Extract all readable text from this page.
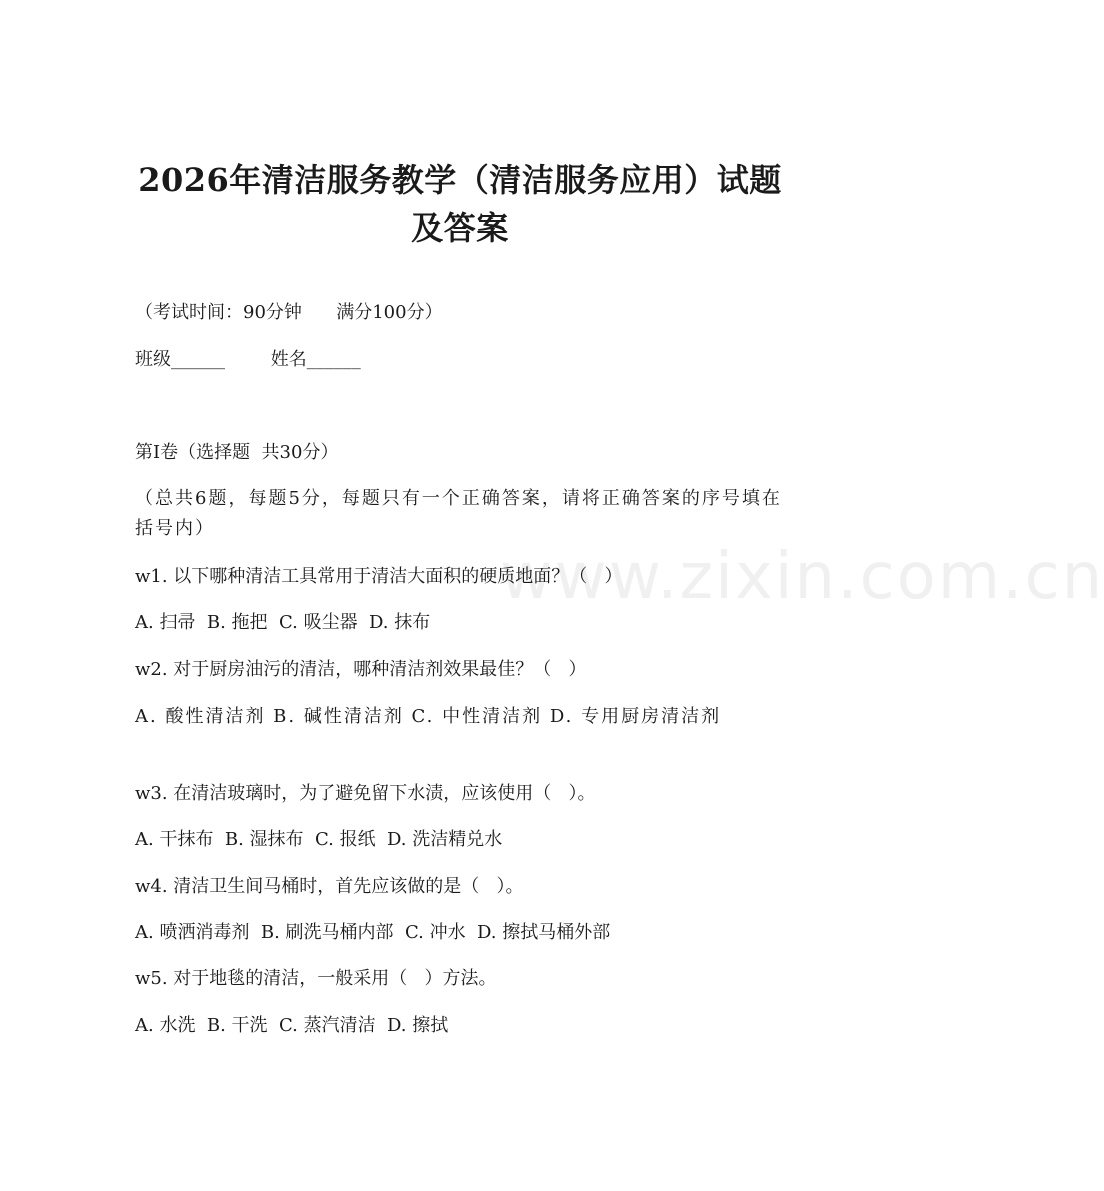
www.zixin.com.cn
2026年清洁服务教学（清洁服务应用）试题
及答案
（考试时间：90分钟      满分100分）
班级______        姓名______
第I卷（选择题  共30分）
（总共6题，每题5分，每题只有一个正确答案，请将正确答案的序号填在括号内）
w1. 以下哪种清洁工具常用于清洁大面积的硬质地面？（   ）
A. 扫帚  B. 拖把  C. 吸尘器  D. 抹布
w2. 对于厨房油污的清洁，哪种清洁剂效果最佳？（   ）
A. 酸性清洁剂 B. 碱性清洁剂 C. 中性清洁剂 D. 专用厨房清洁剂
w3. 在清洁玻璃时，为了避免留下水渍，应该使用（   ）。
A. 干抹布  B. 湿抹布  C. 报纸  D. 洗洁精兑水
w4. 清洁卫生间马桶时，首先应该做的是（   ）。
A. 喷洒消毒剂  B. 刷洗马桶内部  C. 冲水  D. 擦拭马桶外部
w5. 对于地毯的清洁，一般采用（   ）方法。
A. 水洗  B. 干洗  C. 蒸汽清洁  D. 擦拭
